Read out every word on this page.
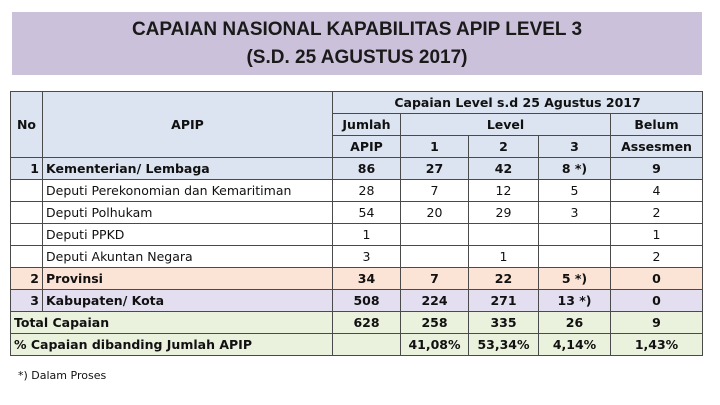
CAPAIAN NASIONAL KAPABILITAS APIP LEVEL 3
(S.D. 25 AGUSTUS 2017)
No	APIP	Capaian Level s.d 25 Agustus 2017				
		Jumlah	Level			Belum
		APIP	1	2	3	Assesmen
1	Kementerian/ Lembaga	86	27	42	8 *)	9
	Deputi Perekonomian dan Kemaritiman	28	7	12	5	4
	Deputi Polhukam	54	20	29	3	2
	Deputi PPKD	1				1
	Deputi Akuntan Negara	3		1		2
2	Provinsi	34	7	22	5 *)	0
3	Kabupaten/ Kota	508	224	271	13 *)	0
Total Capaian		628	258	335	26	9
% Capaian dibanding Jumlah APIP			41,08%	53,34%	4,14%	1,43%
*) Dalam Proses
